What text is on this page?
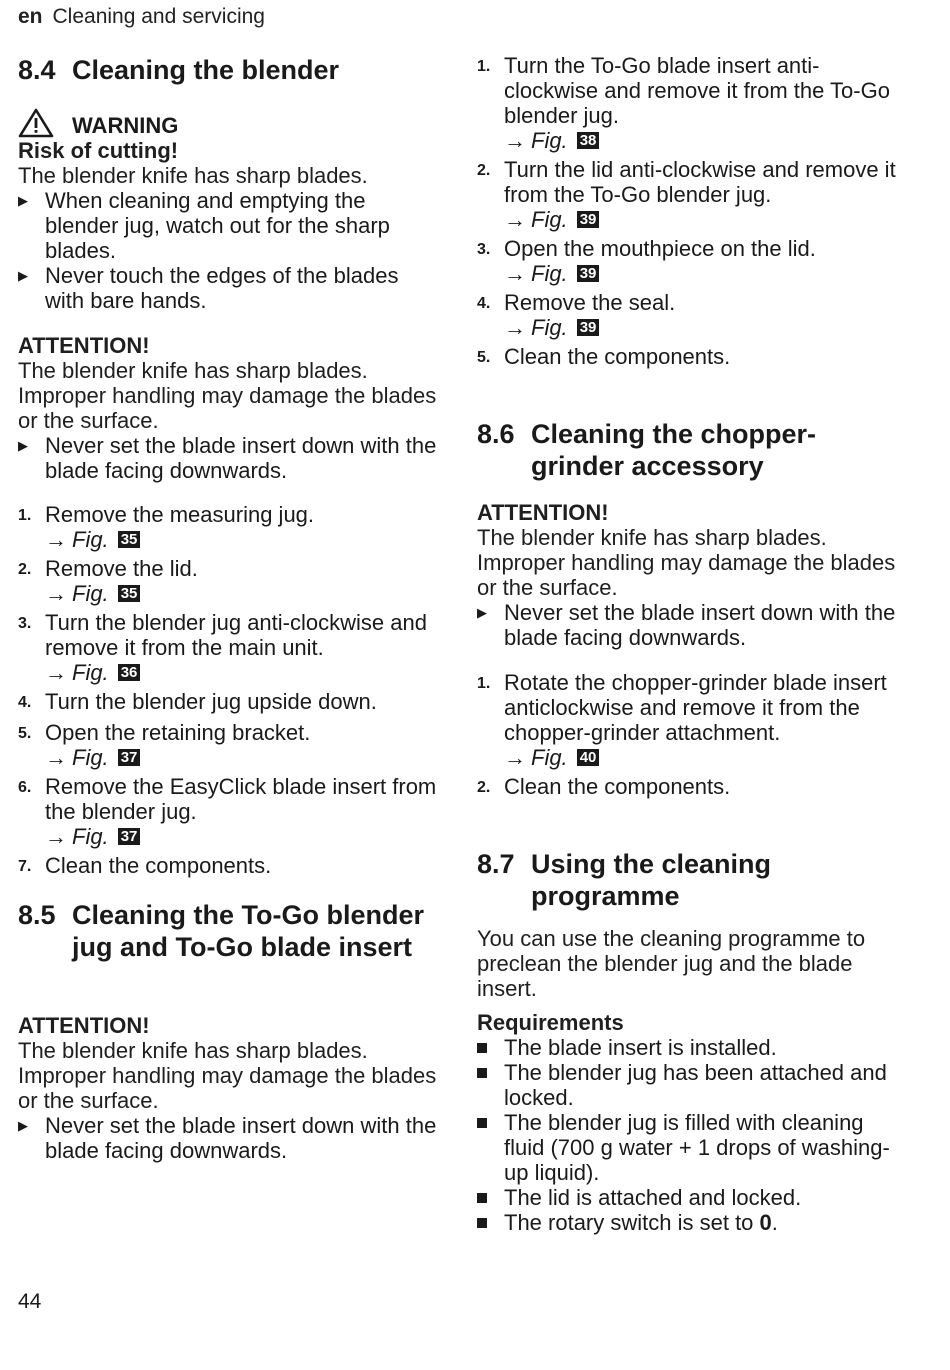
en Cleaning and servicing
8.4 Cleaning the blender
WARNING
Risk of cutting!
The blender knife has sharp blades.
▶ When cleaning and emptying the blender jug, watch out for the sharp blades.
▶ Never touch the edges of the blades with bare hands.
ATTENTION!
The blender knife has sharp blades. Improper handling may damage the blades or the surface.
▶ Never set the blade insert down with the blade facing downwards.
1. Remove the measuring jug.
→ Fig. 35
2. Remove the lid.
→ Fig. 35
3. Turn the blender jug anti-clockwise and remove it from the main unit.
→ Fig. 36
4. Turn the blender jug upside down.
5. Open the retaining bracket.
→ Fig. 37
6. Remove the EasyClick blade insert from the blender jug.
→ Fig. 37
7. Clean the components.
8.5 Cleaning the To-Go blender jug and To-Go blade insert
ATTENTION!
The blender knife has sharp blades. Improper handling may damage the blades or the surface.
▶ Never set the blade insert down with the blade facing downwards.
1. Turn the To-Go blade insert anti-clockwise and remove it from the To-Go blender jug.
→ Fig. 38
2. Turn the lid anti-clockwise and remove it from the To-Go blender jug.
→ Fig. 39
3. Open the mouthpiece on the lid.
→ Fig. 39
4. Remove the seal.
→ Fig. 39
5. Clean the components.
8.6 Cleaning the chopper-grinder accessory
ATTENTION!
The blender knife has sharp blades. Improper handling may damage the blades or the surface.
▶ Never set the blade insert down with the blade facing downwards.
1. Rotate the chopper-grinder blade insert anticlockwise and remove it from the chopper-grinder attachment.
→ Fig. 40
2. Clean the components.
8.7 Using the cleaning programme
You can use the cleaning programme to preclean the blender jug and the blade insert.
Requirements
The blade insert is installed.
The blender jug has been attached and locked.
The blender jug is filled with cleaning fluid (700 g water + 1 drops of washing-up liquid).
The lid is attached and locked.
The rotary switch is set to 0.
44
